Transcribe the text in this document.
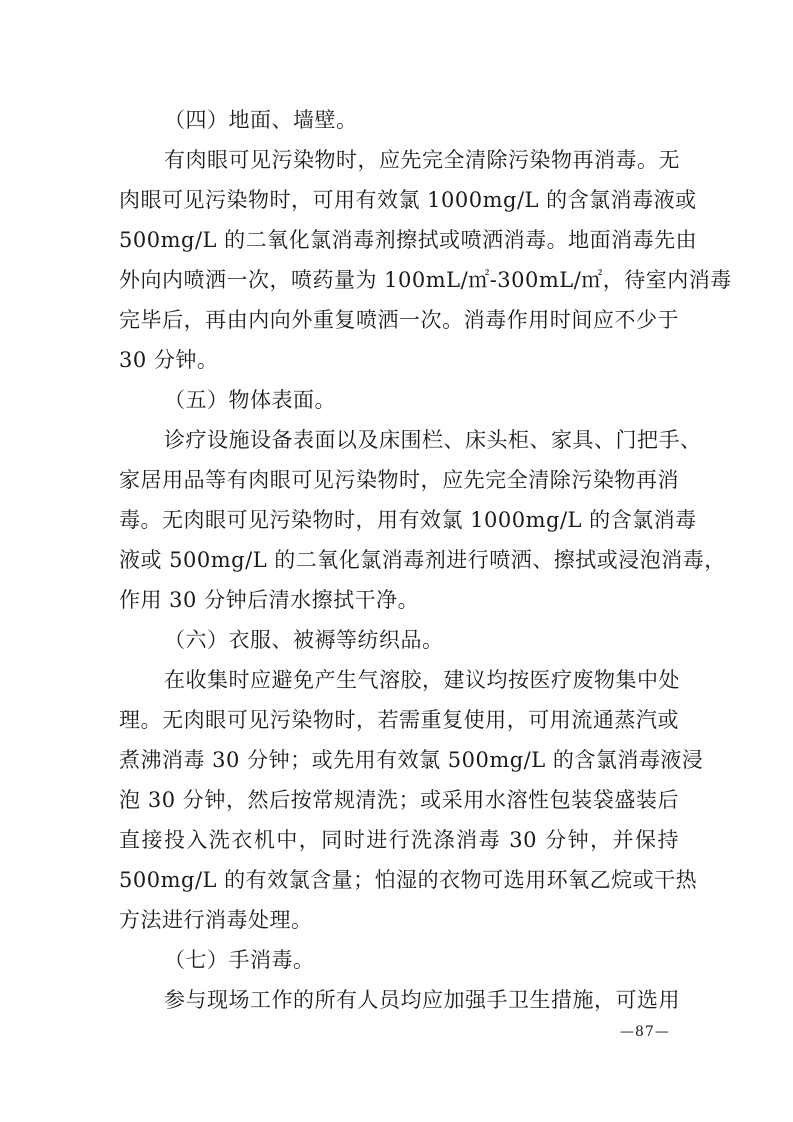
（四）地面、墙壁。
有肉眼可见污染物时，应先完全清除污染物再消毒。无
肉眼可见污染物时，可用有效氯 1000mg/L 的含氯消毒液或
500mg/L 的二氧化氯消毒剂擦拭或喷洒消毒。地面消毒先由
外向内喷洒一次，喷药量为 100mL/㎡-300mL/㎡，待室内消毒
完毕后，再由内向外重复喷洒一次。消毒作用时间应不少于
30 分钟。
（五）物体表面。
诊疗设施设备表面以及床围栏、床头柜、家具、门把手、
家居用品等有肉眼可见污染物时，应先完全清除污染物再消
毒。无肉眼可见污染物时，用有效氯 1000mg/L 的含氯消毒
液或 500mg/L 的二氧化氯消毒剂进行喷洒、擦拭或浸泡消毒，
作用 30 分钟后清水擦拭干净。
（六）衣服、被褥等纺织品。
在收集时应避免产生气溶胶，建议均按医疗废物集中处
理。无肉眼可见污染物时，若需重复使用，可用流通蒸汽或
煮沸消毒 30 分钟；或先用有效氯 500mg/L 的含氯消毒液浸
泡 30 分钟，然后按常规清洗；或采用水溶性包装袋盛装后
直接投入洗衣机中，同时进行洗涤消毒 30 分钟，并保持
500mg/L 的有效氯含量；怕湿的衣物可选用环氧乙烷或干热
方法进行消毒处理。
（七）手消毒。
参与现场工作的所有人员均应加强手卫生措施，可选用
—87—
